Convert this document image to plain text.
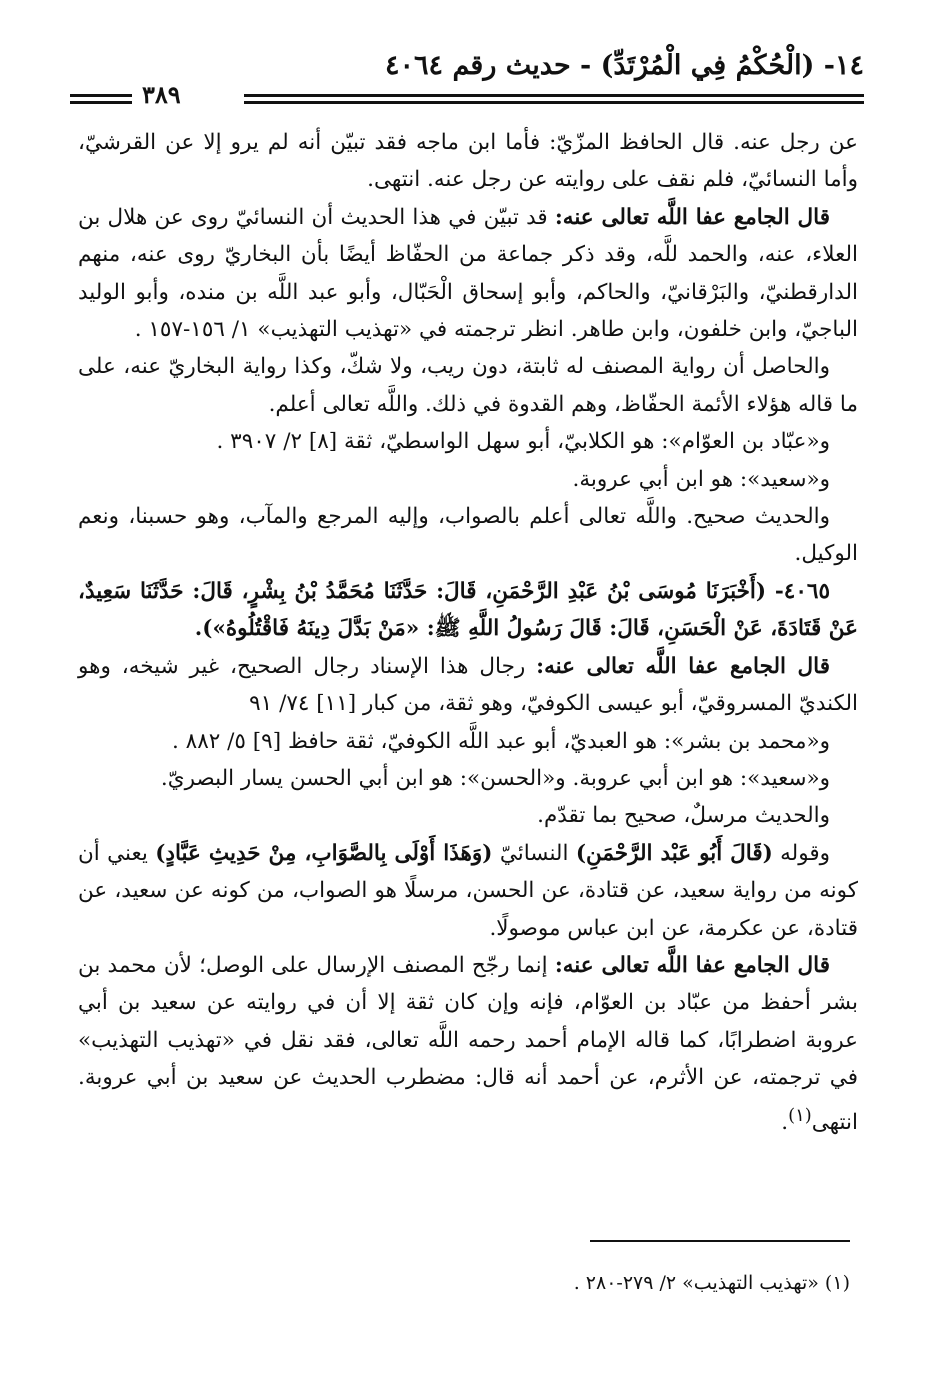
١٤- (الْحُكْمُ فِي الْمُرْتَدِّ) - حديث رقم ٤٠٦٤
٣٨٩

عن رجل عنه. قال الحافظ المزّيّ: فأما ابن ماجه فقد تبيّن أنه لم يرو إلا عن القرشيّ، وأما النسائيّ، فلم نقف على روايته عن رجل عنه. انتهى.

قال الجامع عفا اللَّه تعالى عنه: قد تبيّن في هذا الحديث أن النسائيّ روى عن هلال بن العلاء، عنه، والحمد للَّه، وقد ذكر جماعة من الحفّاظ أيضًا بأن البخاريّ روى عنه، منهم الدارقطنيّ، والبَرْقانيّ، والحاكم، وأبو إسحاق الْحَبّال، وأبو عبد اللَّه بن منده، وأبو الوليد الباجيّ، وابن خلفون، وابن طاهر. انظر ترجمته في «تهذيب التهذيب» ١/ ١٥٦-١٥٧ .

والحاصل أن رواية المصنف له ثابتة، دون ريب، ولا شكّ، وكذا رواية البخاريّ عنه، على ما قاله هؤلاء الأئمة الحفّاظ، وهم القدوة في ذلك. واللَّه تعالى أعلم.

و«عبّاد بن العوّام»: هو الكلابيّ، أبو سهل الواسطيّ، ثقة [٨] ٢/ ٣٩٠٧ .

و«سعيد»: هو ابن أبي عروبة.

والحديث صحيح. واللَّه تعالى أعلم بالصواب، وإليه المرجع والمآب، وهو حسبنا، ونعم الوكيل.

٤٠٦٥- (أَخْبَرَنَا مُوسَى بْنُ عَبْدِ الرَّحْمَنِ، قَالَ: حَدَّثَنَا مُحَمَّدُ بْنُ بِشْرٍ، قَالَ: حَدَّثَنَا سَعِيدٌ، عَنْ قَتَادَةَ، عَنْ الْحَسَنِ، قَالَ: قَالَ رَسُولُ اللَّهِ ﷺ: «مَنْ بَدَّلَ دِينَهُ فَاقْتُلُوهُ»).

قال الجامع عفا اللَّه تعالى عنه: رجال هذا الإسناد رجال الصحيح، غير شيخه، وهو الكنديّ المسروقيّ، أبو عيسى الكوفيّ، وهو ثقة، من كبار [١١] ٧٤/ ٩١

و«محمد بن بشر»: هو العبديّ، أبو عبد اللَّه الكوفيّ، ثقة حافظ [٩] ٥/ ٨٨٢ .

و«سعيد»: هو ابن أبي عروبة. و«الحسن»: هو ابن أبي الحسن يسار البصريّ.

والحديث مرسلٌ، صحيح بما تقدّم.

وقوله (قَالَ أَبُو عَبْد الرَّحْمَنِ) النسائيّ (وَهَذَا أَوْلَى بِالصَّوَابِ، مِنْ حَدِيثِ عَبَّادٍ) يعني أن كونه من رواية سعيد، عن قتادة، عن الحسن، مرسلًا هو الصواب، من كونه عن سعيد، عن قتادة، عن عكرمة، عن ابن عباس موصولًا.

قال الجامع عفا اللَّه تعالى عنه: إنما رجّح المصنف الإرسال على الوصل؛ لأن محمد بن بشر أحفظ من عبّاد بن العوّام، فإنه وإن كان ثقة إلا أن في روايته عن سعيد بن أبي عروبة اضطرابًا، كما قاله الإمام أحمد رحمه اللَّه تعالى، فقد نقل في «تهذيب التهذيب» في ترجمته، عن الأثرم، عن أحمد أنه قال: مضطرب الحديث عن سعيد بن أبي عروبة. انتهى$^{(١)}$.

(١) «تهذيب التهذيب» ٢/ ٢٧٩-٢٨٠ .
